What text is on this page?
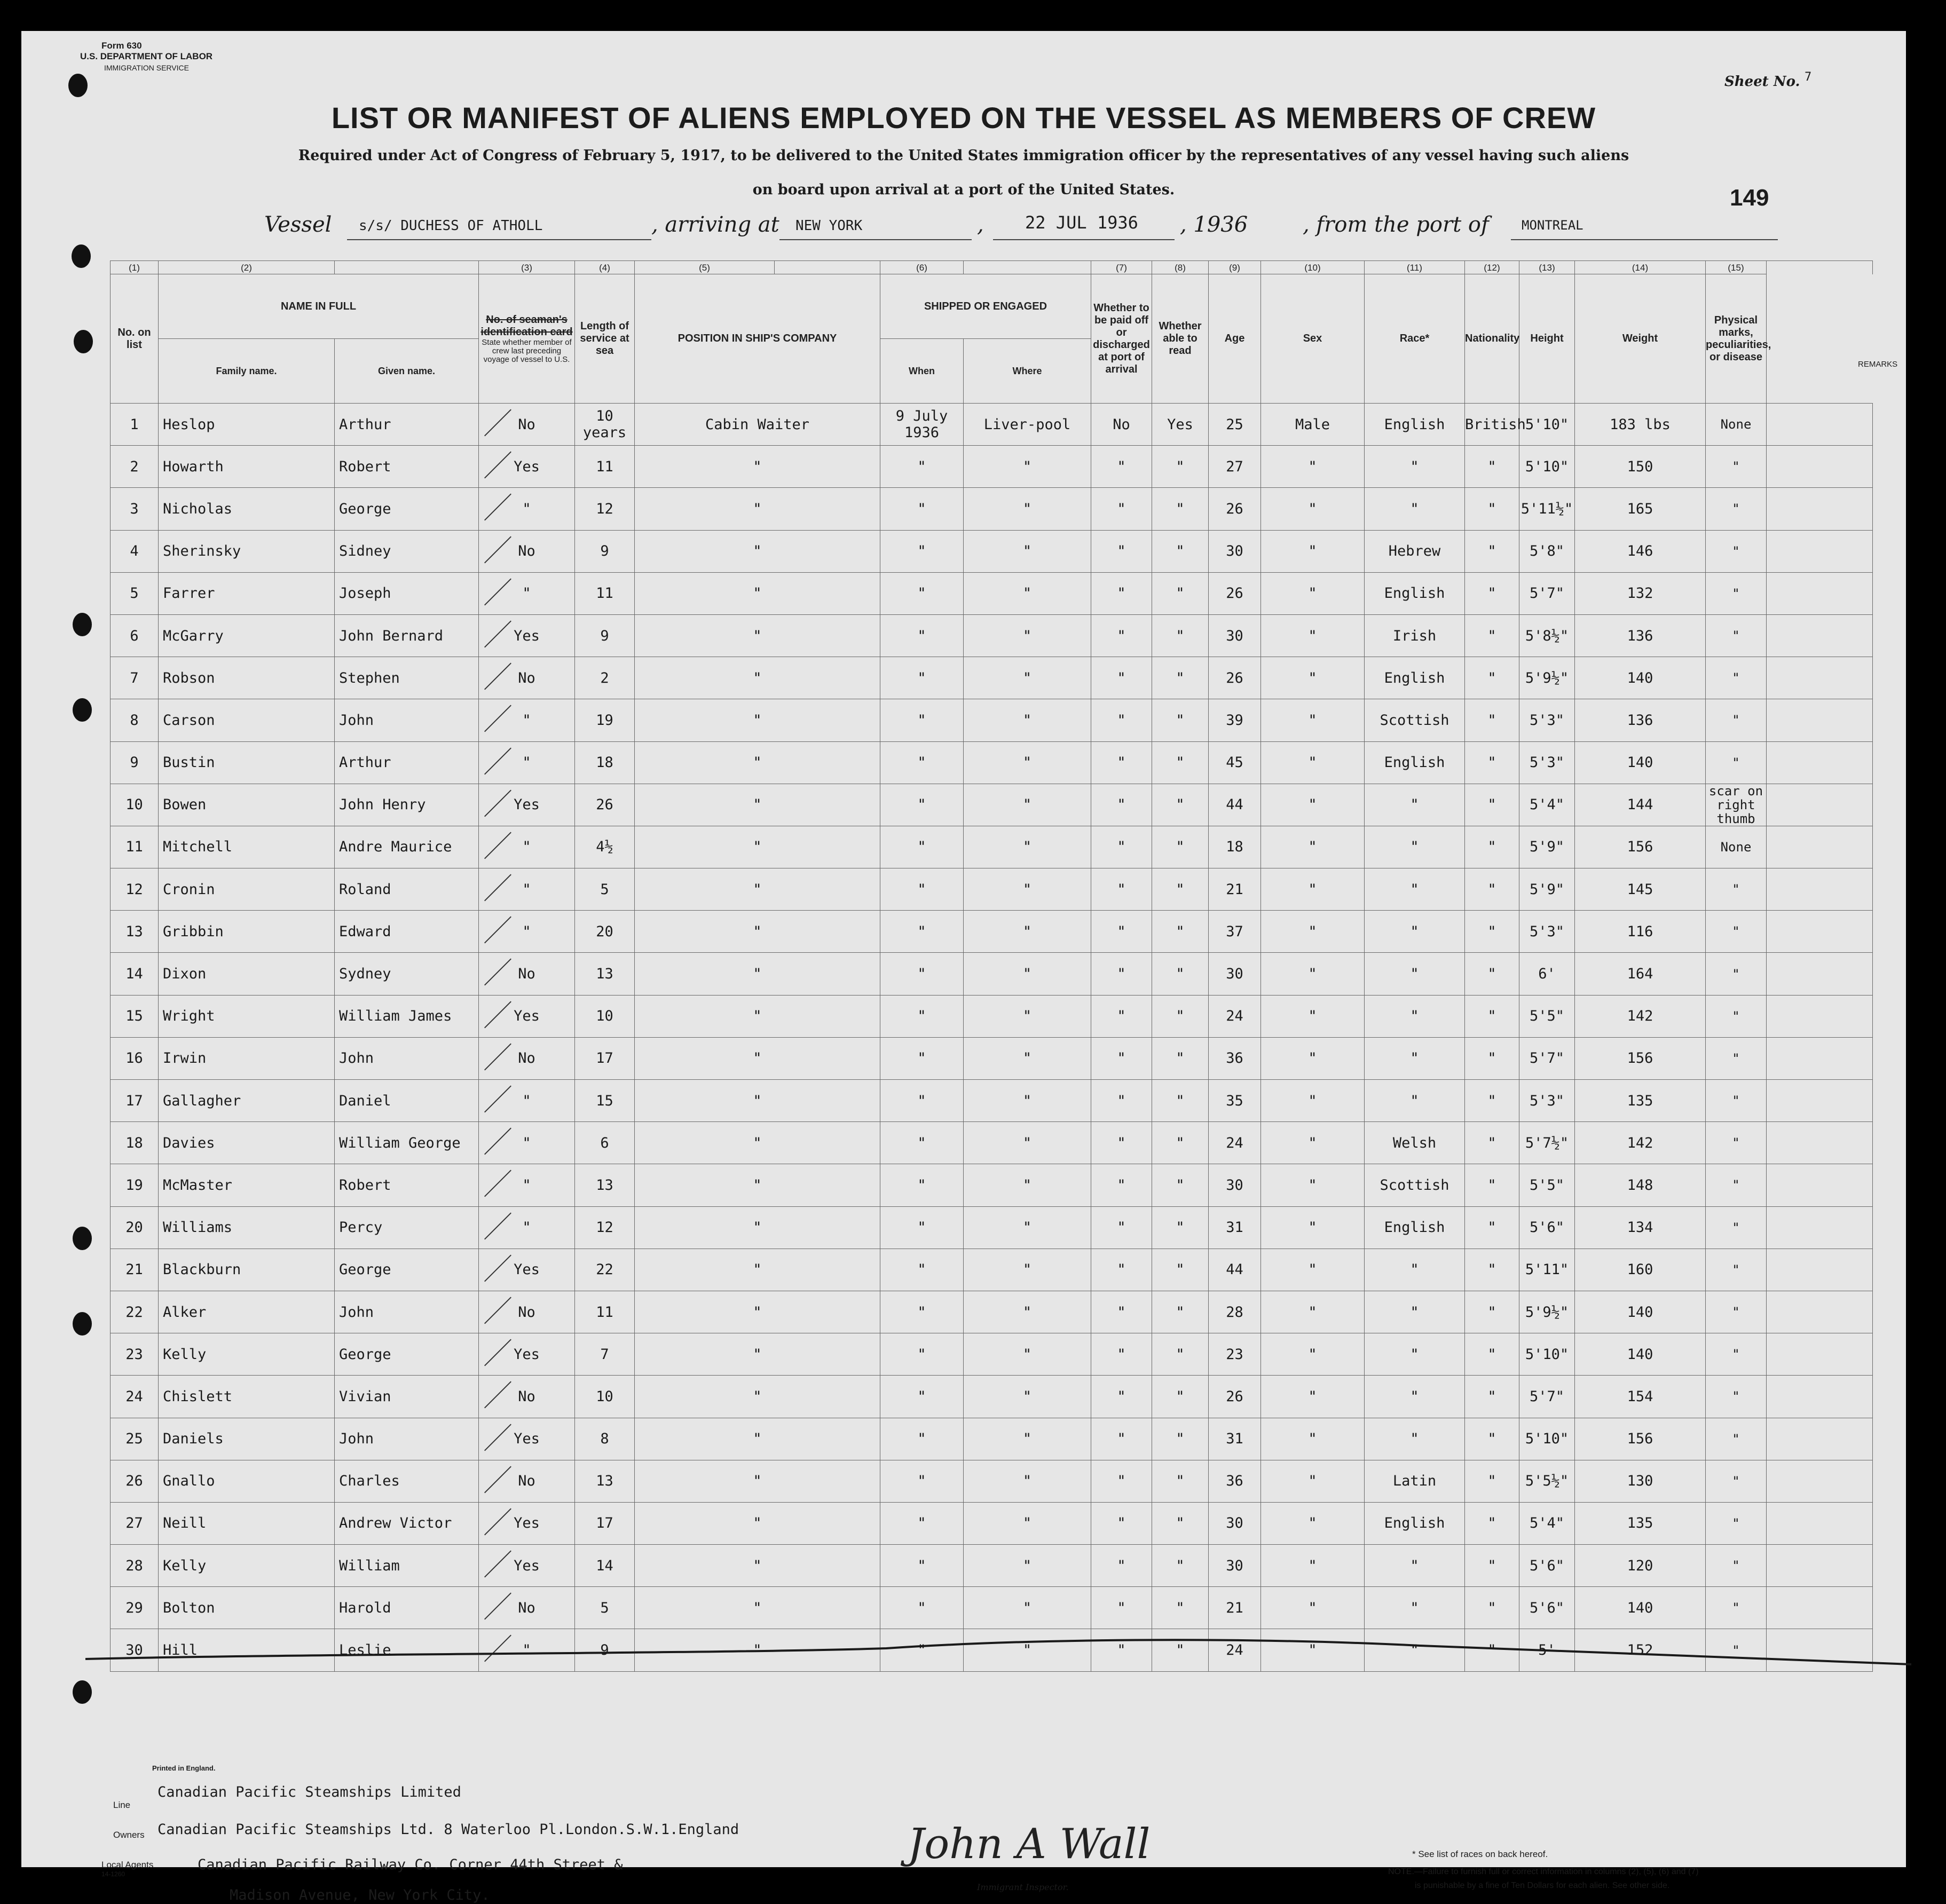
Form 630
U.S. DEPARTMENT OF LABOR
IMMIGRATION SERVICE
Sheet No. 7
LIST OR MANIFEST OF ALIENS EMPLOYED ON THE VESSEL AS MEMBERS OF CREW
Required under Act of Congress of February 5, 1917, to be delivered to the United States immigration officer by the representatives of any vessel having such aliens
on board upon arrival at a port of the United States.	149
Vessel s/s/ DUCHESS OF ATHOLL	, arriving at NEW YORK	, 22 JUL 1936 , 1936	, from the port of	MONTREAL
(1)	(2)		(3)	(4)	(5)		(6)		(7)	(8)	(9)	(10)	(11)	(12)	(13)	(14)	(15)	
No. on list	NAME IN FULL		No. of seaman's identification card

State whether member of crew last preceding voyage of vessel to U.S.	Length of service at sea	POSITION IN SHIP'S COMPANY		SHIPPED OR ENGAGED		Whether to be paid off or discharged at port of arrival	Whether able to read	Age	Sex	Race*	Nationality	Height	Weight	Physical marks, peculiarities, or disease	
	Family name.	Given name.					When	Where										
1	Heslop	Arthur	No	10 years	Cabin Waiter		9 July 1936	Liver-pool	No	Yes	25	Male	English	British	5'10"	183 lbs	None	
2	Howarth	Robert	Yes	11	"		"	"	"	"	27	"	"	"	5'10"	150	"	
3	Nicholas	George	"	12	"		"	"	"	"	26	"	"	"	5'11½"	165	"	
4	Sherinsky	Sidney	No	9	"		"	"	"	"	30	"	Hebrew	"	5'8"	146	"	
5	Farrer	Joseph	"	11	"		"	"	"	"	26	"	English	"	5'7"	132	"	
6	McGarry	John Bernard	Yes	9	"		"	"	"	"	30	"	Irish	"	5'8½"	136	"	
7	Robson	Stephen	No	2	"		"	"	"	"	26	"	English	"	5'9½"	140	"	
8	Carson	John	"	19	"		"	"	"	"	39	"	Scottish	"	5'3"	136	"	
9	Bustin	Arthur	"	18	"		"	"	"	"	45	"	English	"	5'3"	140	"	
10	Bowen	John Henry	Yes	26	"		"	"	"	"	44	"	"	"	5'4"	144	scar on right thumb	
11	Mitchell	Andre Maurice	"	4½	"		"	"	"	"	18	"	"	"	5'9"	156	None	
12	Cronin	Roland	"	5	"		"	"	"	"	21	"	"	"	5'9"	145	"	
13	Gribbin	Edward	"	20	"		"	"	"	"	37	"	"	"	5'3"	116	"	
14	Dixon	Sydney	No	13	"		"	"	"	"	30	"	"	"	6'	164	"	
15	Wright	William James	Yes	10	"		"	"	"	"	24	"	"	"	5'5"	142	"	
16	Irwin	John	No	17	"		"	"	"	"	36	"	"	"	5'7"	156	"	
17	Gallagher	Daniel	"	15	"		"	"	"	"	35	"	"	"	5'3"	135	"	
18	Davies	William George	"	6	"		"	"	"	"	24	"	Welsh	"	5'7½"	142	"	
19	McMaster	Robert	"	13	"		"	"	"	"	30	"	Scottish	"	5'5"	148	"	
20	Williams	Percy	"	12	"		"	"	"	"	31	"	English	"	5'6"	134	"	
21	Blackburn	George	Yes	22	"		"	"	"	"	44	"	"	"	5'11"	160	"	
22	Alker	John	No	11	"		"	"	"	"	28	"	"	"	5'9½"	140	"	
23	Kelly	George	Yes	7	"		"	"	"	"	23	"	"	"	5'10"	140	"	
24	Chislett	Vivian	No	10	"		"	"	"	"	26	"	"	"	5'7"	154	"	
25	Daniels	John	Yes	8	"		"	"	"	"	31	"	"	"	5'10"	156	"	
26	Gnallo	Charles	No	13	"		"	"	"	"	36	"	Latin	"	5'5½"	130	"	
27	Neill	Andrew Victor	Yes	17	"		"	"	"	"	30	"	English	"	5'4"	135	"	
28	Kelly	William	Yes	14	"		"	"	"	"	30	"	"	"	5'6"	120	"	
29	Bolton	Harold	No	5	"		"	"	"	"	21	"	"	"	5'6"	140	"	
30	Hill	Leslie	"	9	"		"	"	"	"	24	"	"	"	5'	152	"	
REMARKS
Printed in England.
Line
Canadian Pacific Steamships Limited
Owners Canadian Pacific Steamships Ltd. 8 Waterloo Pl.London.S.W.1.England
Local Agents
14-1260
Canadian Pacific Railway Co. Corner 44th Street &
Madison Avenue, New York City.
John A Wall
Immigrant Inspector.
* See list of races on back hereof.
NOTE.—Failure to furnish full or correct information in columns (2), (5), (6) and (7)
is punishable by a fine of Ten Dollars for each alien. See other side.
